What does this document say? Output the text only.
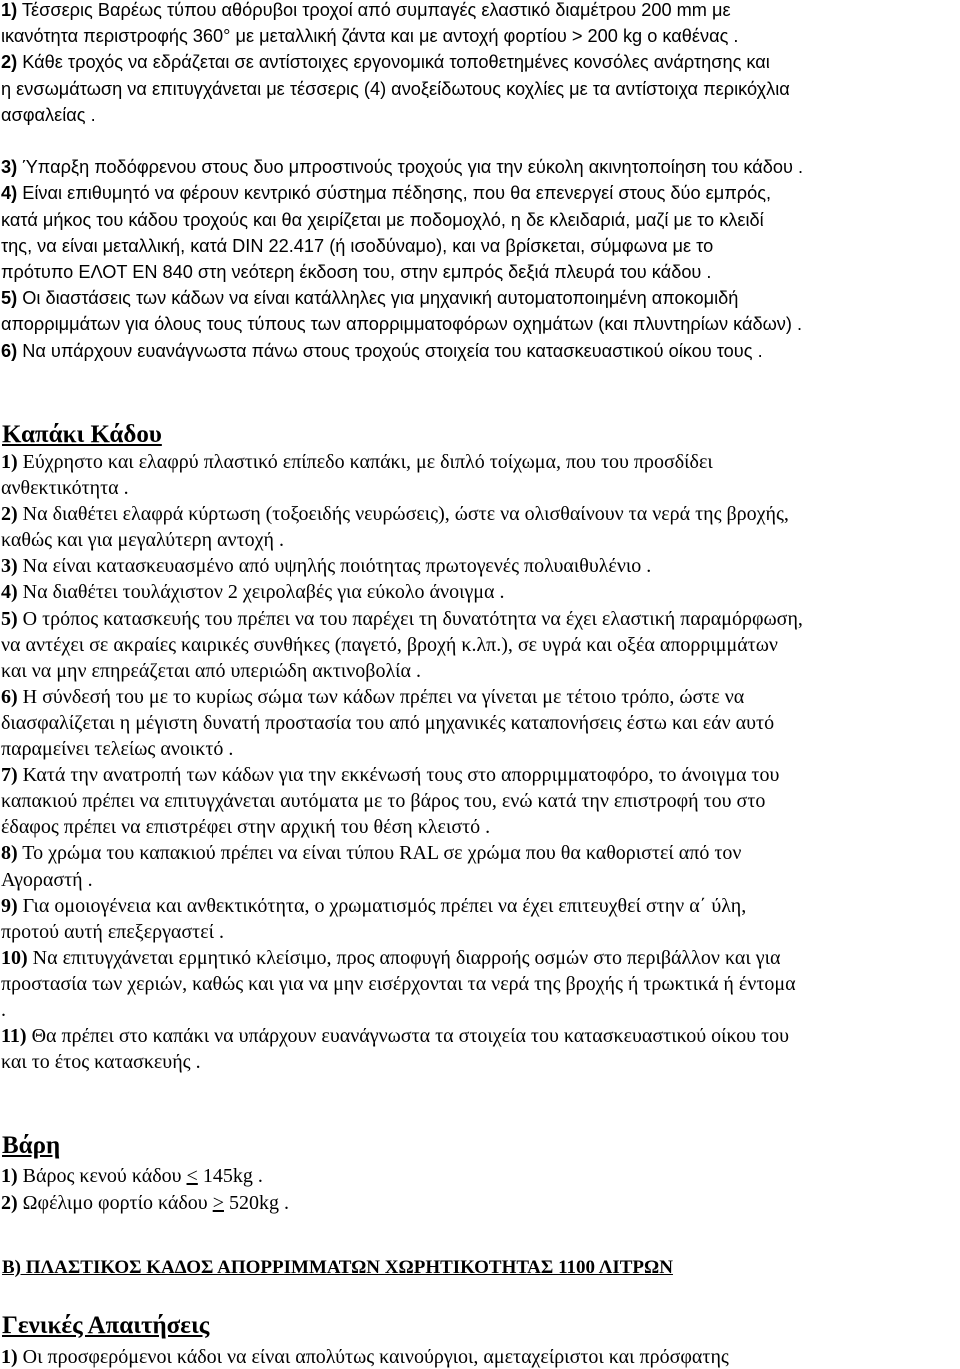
1) Τέσσερις Βαρέως τύπου αθόρυβοι τροχοί από συμπαγές ελαστικό διαμέτρου 200 mm με
ικανότητα περιστροφής 360° με μεταλλική ζάντα και με αντοχή φορτίου > 200 kg ο καθένας .
2) Κάθε τροχός να εδράζεται σε αντίστοιχες εργονομικά τοποθετημένες κονσόλες ανάρτησης και
η ενσωμάτωση να επιτυγχάνεται με τέσσερις (4) ανοξείδωτους κοχλίες με τα αντίστοιχα περικόχλια
ασφαλείας .

3) Ύπαρξη ποδόφρενου στους δυο μπροστινούς τροχούς για την εύκολη ακινητοποίηση του κάδου .
4) Είναι επιθυμητό να φέρουν κεντρικό σύστημα πέδησης, που θα επενεργεί στους δύο εμπρός,
κατά μήκος του κάδου τροχούς και θα χειρίζεται με ποδομοχλό, η δε κλειδαριά, μαζί με το κλειδί
της, να είναι μεταλλική, κατά DIN 22.417 (ή ισοδύναμο), και να βρίσκεται, σύμφωνα με το
πρότυπο ΕΛΟΤ ΕΝ 840 στη νεότερη έκδοση του, στην εμπρός δεξιά πλευρά του κάδου .
5) Οι διαστάσεις των κάδων να είναι κατάλληλες για μηχανική αυτοματοποιημένη αποκομιδή
απορριμμάτων για όλους τους τύπους των απορριμματοφόρων οχημάτων (και πλυντηρίων κάδων) .
6) Να υπάρχουν ευανάγνωστα πάνω στους τροχούς στοιχεία του κατασκευαστικού οίκου τους .
Καπάκι Κάδου
1) Εύχρηστο και ελαφρύ πλαστικό επίπεδο καπάκι, με διπλό τοίχωμα, που του προσδίδει
ανθεκτικότητα .
2) Να διαθέτει ελαφρά κύρτωση (τοξοειδής νευρώσεις), ώστε να ολισθαίνουν τα νερά της βροχής,
καθώς και για μεγαλύτερη αντοχή .
3) Να είναι κατασκευασμένο από υψηλής ποιότητας πρωτογενές πολυαιθυλένιο .
4) Να διαθέτει τουλάχιστον 2 χειρολαβές για εύκολο άνοιγμα .
5) Ο τρόπος κατασκευής του πρέπει να του παρέχει τη δυνατότητα να έχει ελαστική παραμόρφωση,
να αντέχει σε ακραίες καιρικές συνθήκες (παγετό, βροχή κ.λπ.), σε υγρά και οξέα απορριμμάτων
και να μην επηρεάζεται από υπεριώδη ακτινοβολία .
6) Η σύνδεσή του με το κυρίως σώμα των κάδων πρέπει να γίνεται με τέτοιο τρόπο, ώστε να
διασφαλίζεται η μέγιστη δυνατή προστασία του από μηχανικές καταπονήσεις έστω και εάν αυτό
παραμείνει τελείως ανοικτό .
7) Κατά την ανατροπή των κάδων για την εκκένωσή τους στο απορριμματοφόρο, το άνοιγμα του
καπακιού πρέπει να επιτυγχάνεται αυτόματα με το βάρος του, ενώ κατά την επιστροφή του στο
έδαφος πρέπει να επιστρέφει στην αρχική του θέση κλειστό .
8) Το χρώμα του καπακιού πρέπει να είναι τύπου RAL σε χρώμα που θα καθοριστεί από τον
Αγοραστή .
9) Για ομοιογένεια και ανθεκτικότητα, ο χρωματισμός πρέπει να έχει επιτευχθεί στην α΄ ύλη,
προτού αυτή επεξεργαστεί .
10) Να επιτυγχάνεται ερμητικό κλείσιμο, προς αποφυγή διαρροής οσμών στο περιβάλλον και για
προστασία των χεριών, καθώς και για να μην εισέρχονται τα νερά της βροχής ή τρωκτικά ή έντομα
.
11) Θα πρέπει στο καπάκι να υπάρχουν ευανάγνωστα τα στοιχεία του κατασκευαστικού οίκου του
και το έτος κατασκευής .
Βάρη
1) Βάρος κενού κάδου ≤ 145kg .
2) Ωφέλιμο φορτίο κάδου ≥ 520kg .
Β) ΠΛΑΣΤΙΚΟΣ ΚΑΔΟΣ ΑΠΟΡΡΙΜΜΑΤΩΝ ΧΩΡΗΤΙΚΟΤΗΤΑΣ 1100 ΛΙΤΡΩΝ
Γενικές Απαιτήσεις
1) Οι προσφερόμενοι κάδοι να είναι απολύτως καινούργιοι, αμεταχείριστοι και πρόσφατης
